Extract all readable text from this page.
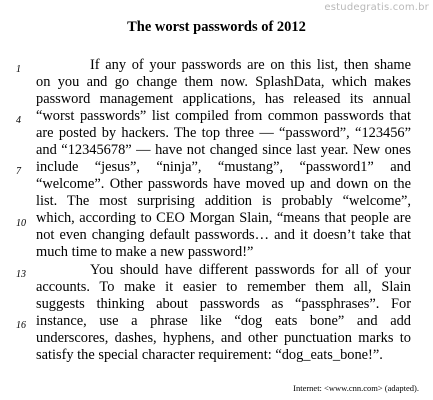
estudegratis.com.br
The worst passwords of 2012
1
4
7
10
13
16
If any of your passwords are on this list, then shame
on you and go change them now. SplashData, which makes
password management applications, has released its annual
“worst passwords” list compiled from common passwords that
are posted by hackers. The top three — “password”, “123456”
and “12345678” — have not changed since last year. New ones
include “jesus”, “ninja”, “mustang”, “password1” and
“welcome”. Other passwords have moved up and down on the
list. The most surprising addition is probably “welcome”,
which, according to CEO Morgan Slain, “means that people are
not even changing default passwords… and it doesn’t take that
much time to make a new password!”
You should have different passwords for all of your
accounts. To make it easier to remember them all, Slain
suggests thinking about passwords as “passphrases”. For
instance, use a phrase like “dog eats bone” and add
underscores, dashes, hyphens, and other punctuation marks to
satisfy the special character requirement: “dog_eats_bone!”.
Internet: <www.cnn.com> (adapted).
